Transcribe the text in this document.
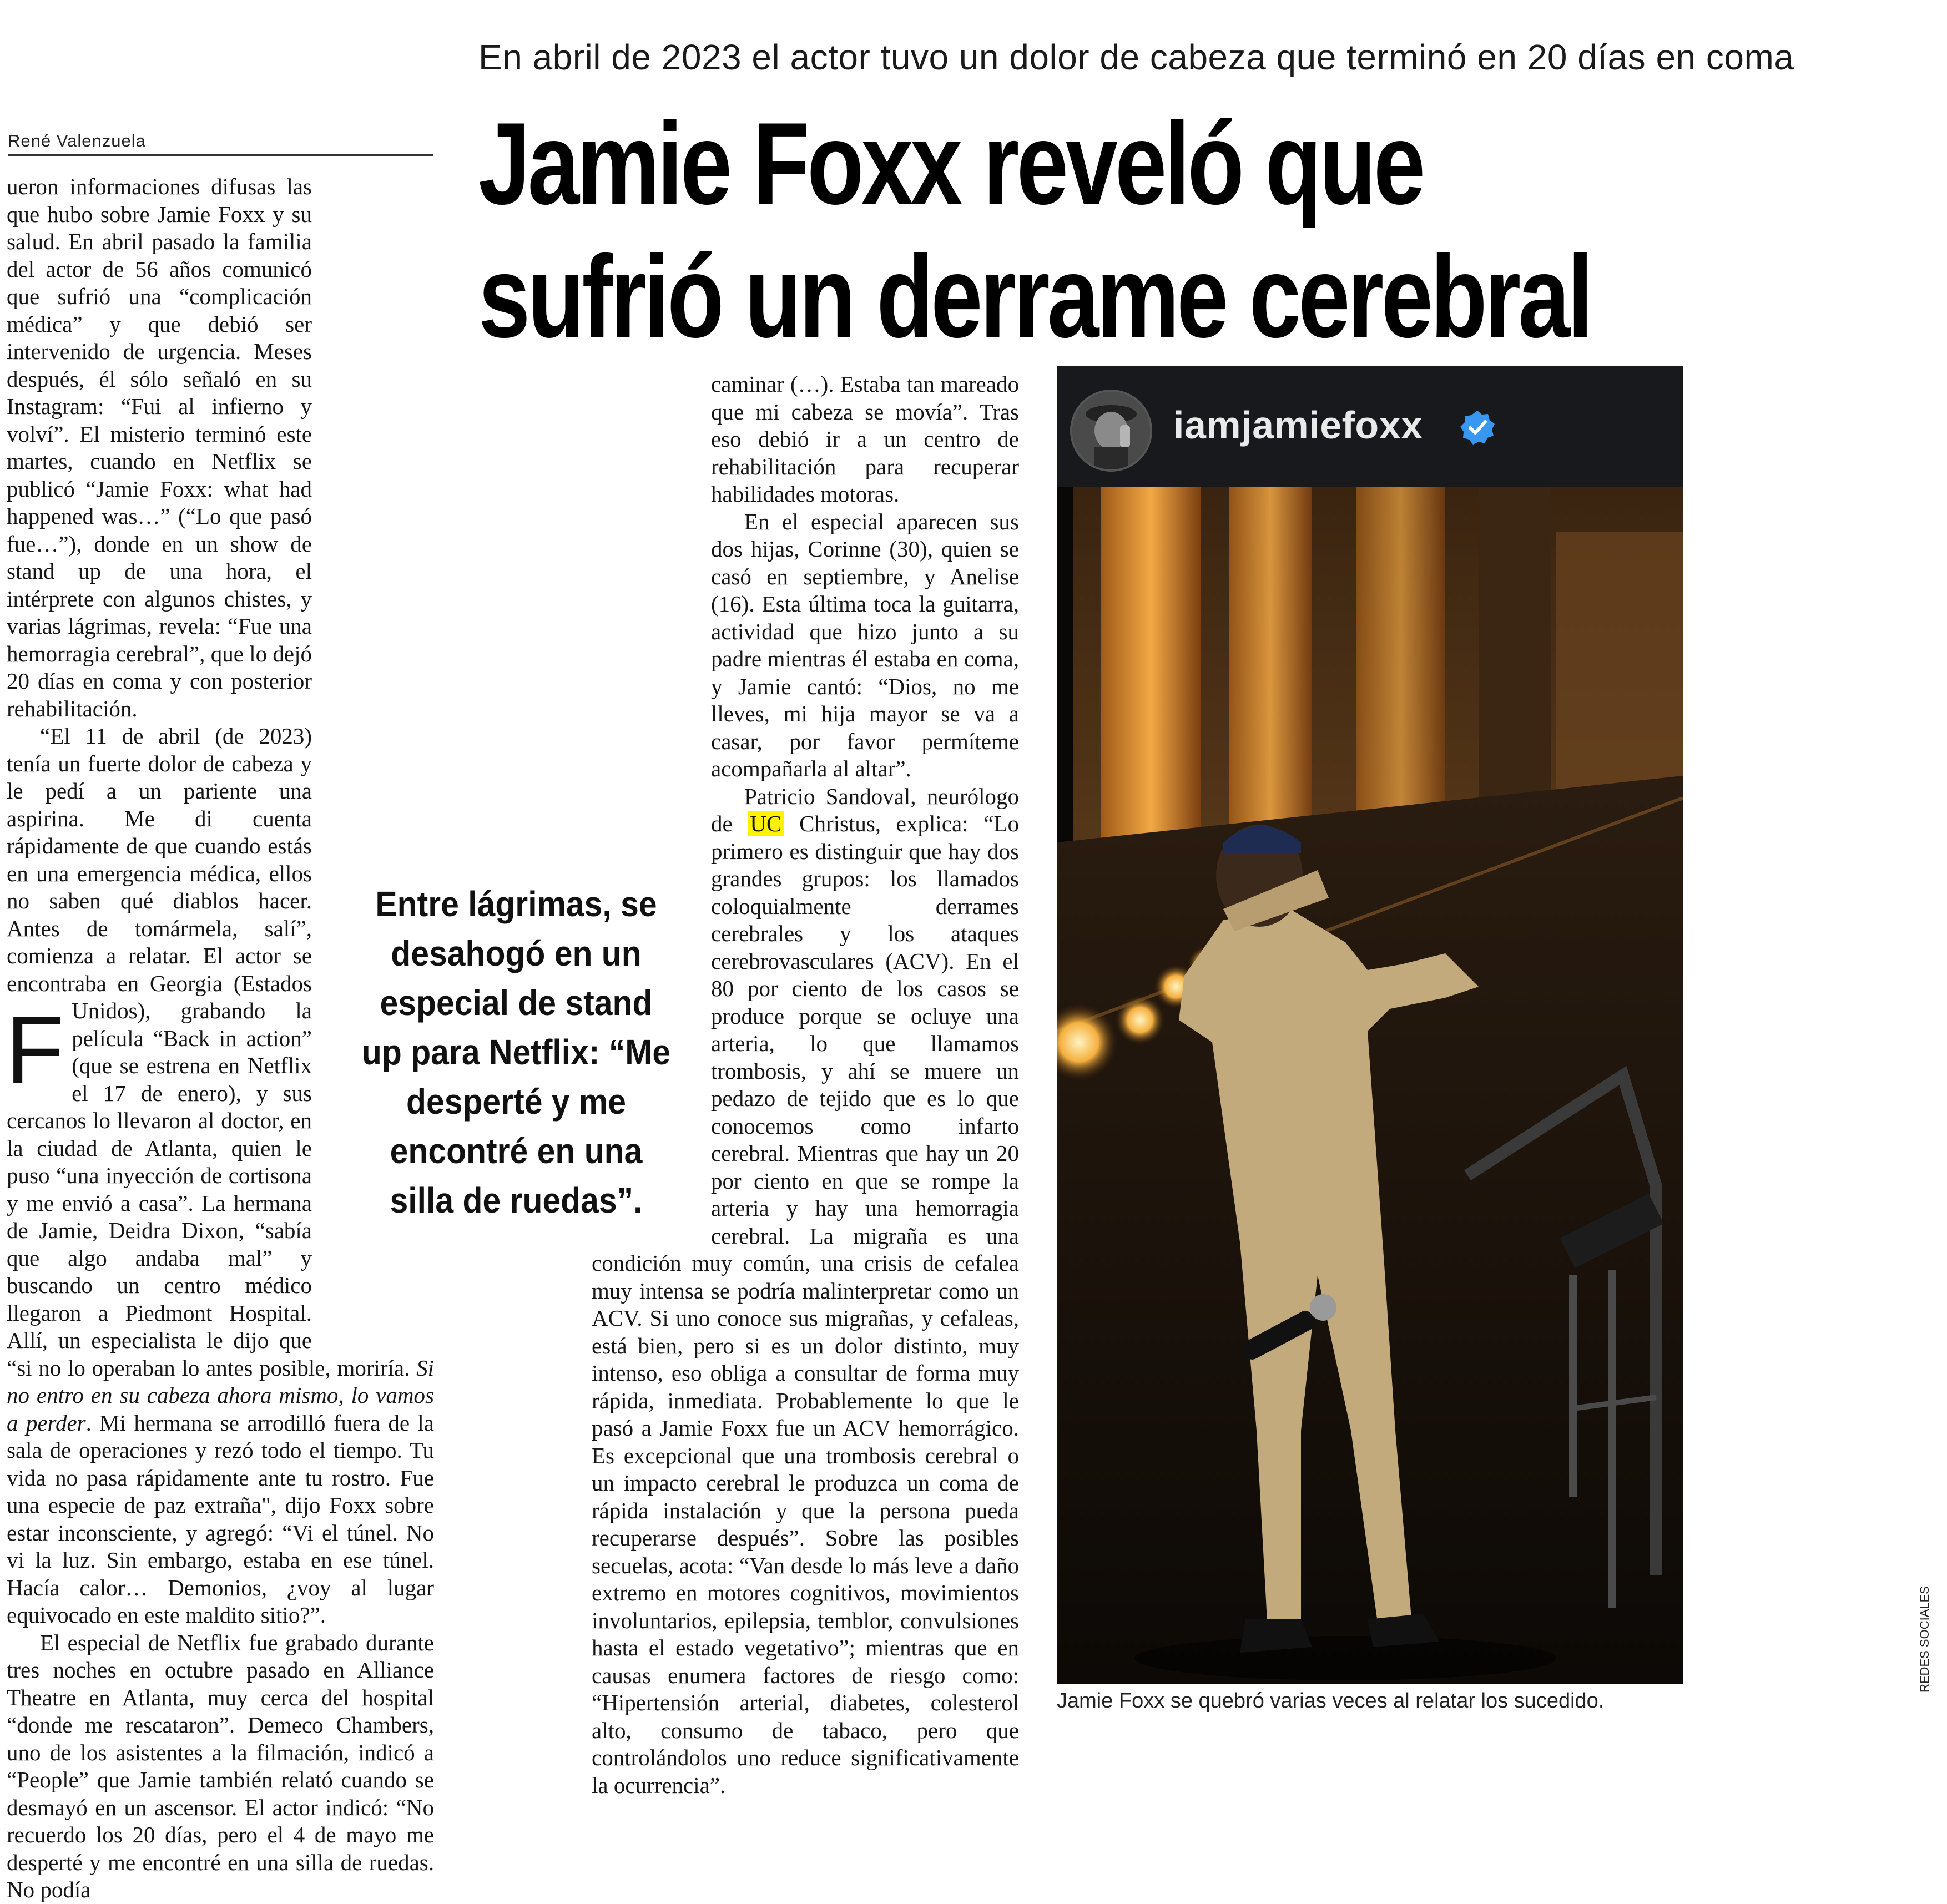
En abril de 2023 el actor tuvo un dolor de cabeza que terminó en 20 días en coma
Jamie Foxx reveló que
sufrió un derrame cerebral
René Valenzuela

F
ueron informaciones difusas las que hubo sobre Jamie Foxx y su salud. En abril pasado la familia del actor de 56 años comunicó que sufrió una “complicación médica” y que debió ser intervenido de urgencia. Meses después, él sólo señaló en su Instagram: “Fui al infierno y volví”. El misterio terminó este martes, cuando en Netflix se publicó “Jamie Foxx: what had happened was…” (“Lo que pasó fue…”), donde en un show de stand up de una hora, el intérprete con algunos chistes, y varias lágrimas, revela: “Fue una hemorragia cerebral”, que lo dejó 20 días en coma y con posterior rehabilitación.

“El 11 de abril (de 2023) tenía un fuerte dolor de cabeza y le pedí a un pariente una aspirina. Me di cuenta rápidamente de que cuando estás en una emergencia médica, ellos no saben qué diablos hacer. Antes de tomármela, salí”, comienza a relatar. El actor se encontraba en Georgia (Estados Unidos), grabando la película “Back in action” (que se estrena en Netflix el 17 de enero), y sus cercanos lo llevaron al doctor, en la ciudad de Atlanta, quien le puso “una inyección de cortisona y me envió a casa”. La hermana de Jamie, Deidra Dixon, “sabía que algo andaba mal” y buscando un centro médico llegaron a Piedmont Hospital. Allí, un especialista le dijo que “si no lo operaban lo antes posible, moriría. Si no entro en su cabeza ahora mismo, lo vamos a perder. Mi hermana se arrodilló fuera de la sala de operaciones y rezó todo el tiempo. Tu vida no pasa rápidamente ante tu rostro. Fue una especie de paz extraña", dijo Foxx sobre estar inconsciente, y agregó: “Vi el túnel. No vi la luz. Sin embargo, estaba en ese túnel. Hacía calor… Demonios, ¿voy al lugar equivocado en este maldito sitio?”.

El especial de Netflix fue grabado durante tres noches en octubre pasado en Alliance Theatre en Atlanta, muy cerca del hospital “donde me rescataron”. Demeco Chambers, uno de los asistentes a la filmación, indicó a “People” que Jamie también relató cuando se desmayó en un ascensor. El actor indicó: “No recuerdo los 20 días, pero el 4 de mayo me desperté y me encontré en una silla de ruedas. No podía

caminar (…). Estaba tan mareado que mi cabeza se movía”. Tras eso debió ir a un centro de rehabilitación para recuperar habilidades motoras.

En el especial aparecen sus dos hijas, Corinne (30), quien se casó en septiembre, y Anelise (16). Esta última toca la guitarra, actividad que hizo junto a su padre mientras él estaba en coma, y Jamie cantó: “Dios, no me lleves, mi hija mayor se va a casar, por favor permíteme acompañarla al altar”.

Patricio Sandoval, neurólogo de UC Christus, explica: “Lo primero es distinguir que hay dos grandes grupos: los llamados coloquialmente derrames cerebrales y los ataques cerebrovasculares (ACV). En el 80 por ciento de los casos se produce porque se ocluye una arteria, lo que llamamos trombosis, y ahí se muere un pedazo de tejido que es lo que conocemos como infarto cerebral. Mientras que hay un 20 por ciento en que se rompe la arteria y hay una hemorragia cerebral. La migraña es una condición muy común, una crisis de cefalea muy intensa se podría malinterpretar como un ACV. Si uno conoce sus migrañas, y cefaleas, está bien, pero si es un dolor distinto, muy intenso, eso obliga a consultar de forma muy rápida, inmediata. Probablemente lo que le pasó a Jamie Foxx fue un ACV hemorrágico. Es excepcional que una trombosis cerebral o un impacto cerebral le produzca un coma de rápida instalación y que la persona pueda recuperarse después”. Sobre las posibles secuelas, acota: “Van desde lo más leve a daño extremo en motores cognitivos, movimientos involuntarios, epilepsia, temblor, convulsiones hasta el estado vegetativo”; mientras que en causas enumera factores de riesgo como: “Hipertensión arterial, diabetes, colesterol alto, consumo de tabaco, pero que controlándolos uno reduce significativamente la ocurrencia”.

Entre lágrimas, se desahogó en un especial de stand up para Netflix: “Me desperté y me encontré en una silla de ruedas”.
iamjamiefoxx
Jamie Foxx se quebró varias veces al relatar los sucedido.
REDES SOCIALES
